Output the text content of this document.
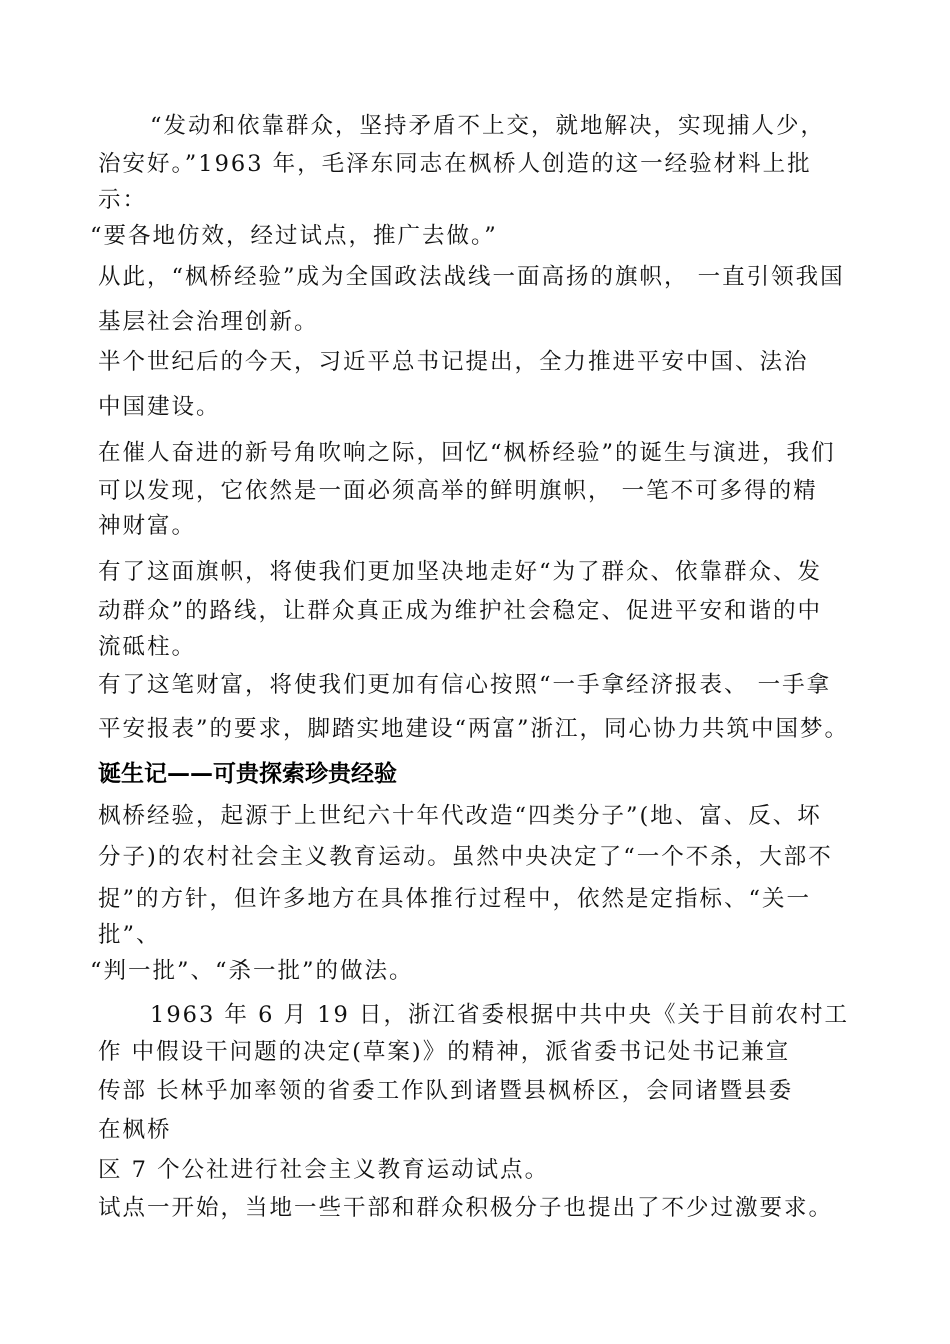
“发动和依靠群众，坚持矛盾不上交，就地解决，实现捕人少，
治安好。”1963 年，毛泽东同志在枫桥人创造的这一经验材料上批
示：
“要各地仿效，经过试点，推广去做。”
从此，“枫桥经验”成为全国政法战线一面高扬的旗帜， 一直引领我国
基层社会治理创新。
半个世纪后的今天，习近平总书记提出，全力推进平安中国、法治
中国建设。
在催人奋进的新号角吹响之际，回忆“枫桥经验”的诞生与演进，我们
可以发现，它依然是一面必须高举的鲜明旗帜， 一笔不可多得的精
神财富。
有了这面旗帜，将使我们更加坚决地走好“为了群众、依靠群众、发
动群众”的路线，让群众真正成为维护社会稳定、促进平安和谐的中
流砥柱。
有了这笔财富，将使我们更加有信心按照“一手拿经济报表、 一手拿
平安报表”的要求，脚踏实地建设“两富”浙江，同心协力共筑中国梦。
诞生记——可贵探索珍贵经验
枫桥经验，起源于上世纪六十年代改造“四类分子”(地、富、反、坏
分子)的农村社会主义教育运动。虽然中央决定了“一个不杀，大部不
捉”的方针，但许多地方在具体推行过程中，依然是定指标、“关一
批”、
“判一批”、“杀一批”的做法。
1963 年 6 月 19 日，浙江省委根据中共中央《关于目前农村工
作 中假设干问题的决定(草案)》的精神，派省委书记处书记兼宣
传部 长林乎加率领的省委工作队到诸暨县枫桥区，会同诸暨县委
在枫桥
区 7 个公社进行社会主义教育运动试点。
试点一开始，当地一些干部和群众积极分子也提出了不少过激要求。
